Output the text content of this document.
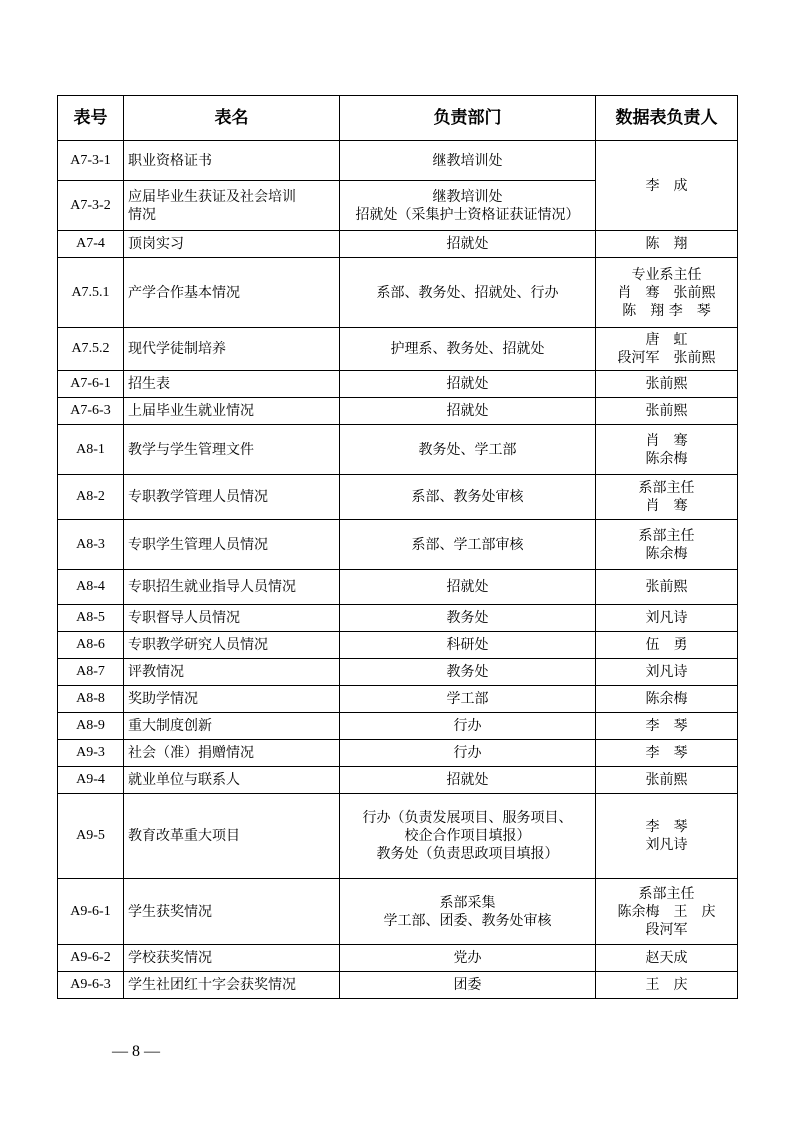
表号	表名	负责部门	数据表负责人
A7-3-1	职业资格证书	继教培训处	李　成

A7-3-2	应届毕业生获证及社会培训
情况	继教培训处
招就处（采集护士资格证获证情况）	

A7-4	顶岗实习	招就处	陈　翔

A7.5.1	产学合作基本情况	系部、教务处、招就处、行办	专业系主任
肖　骞　张前熙
陈　翔 李　琴

A7.5.2	现代学徒制培养	护理系、教务处、招就处	唐　虹
段河军　张前熙

A7-6-1	招生表	招就处	张前熙

A7-6-3	上届毕业生就业情况	招就处	张前熙

A8-1	教学与学生管理文件	教务处、学工部	肖　骞
陈余梅

A8-2	专职教学管理人员情况	系部、教务处审核	系部主任
肖　骞

A8-3	专职学生管理人员情况	系部、学工部审核	系部主任
陈余梅

A8-4	专职招生就业指导人员情况	招就处	张前熙

A8-5	专职督导人员情况	教务处	刘凡诗

A8-6	专职教学研究人员情况	科研处	伍　勇

A8-7	评教情况	教务处	刘凡诗

A8-8	奖助学情况	学工部	陈余梅

A8-9	重大制度创新	行办	李　琴

A9-3	社会（准）捐赠情况	行办	李　琴

A9-4	就业单位与联系人	招就处	张前熙

A9-5	教育改革重大项目	行办（负责发展项目、服务项目、
校企合作项目填报）
教务处（负责思政项目填报）	李　琴
刘凡诗

A9-6-1	学生获奖情况	系部采集
学工部、团委、教务处审核	系部主任
陈余梅　王　庆
段河军

A9-6-2	学校获奖情况	党办	赵天成

A9-6-3	学生社团红十字会获奖情况	团委	王　庆
— 8 —
